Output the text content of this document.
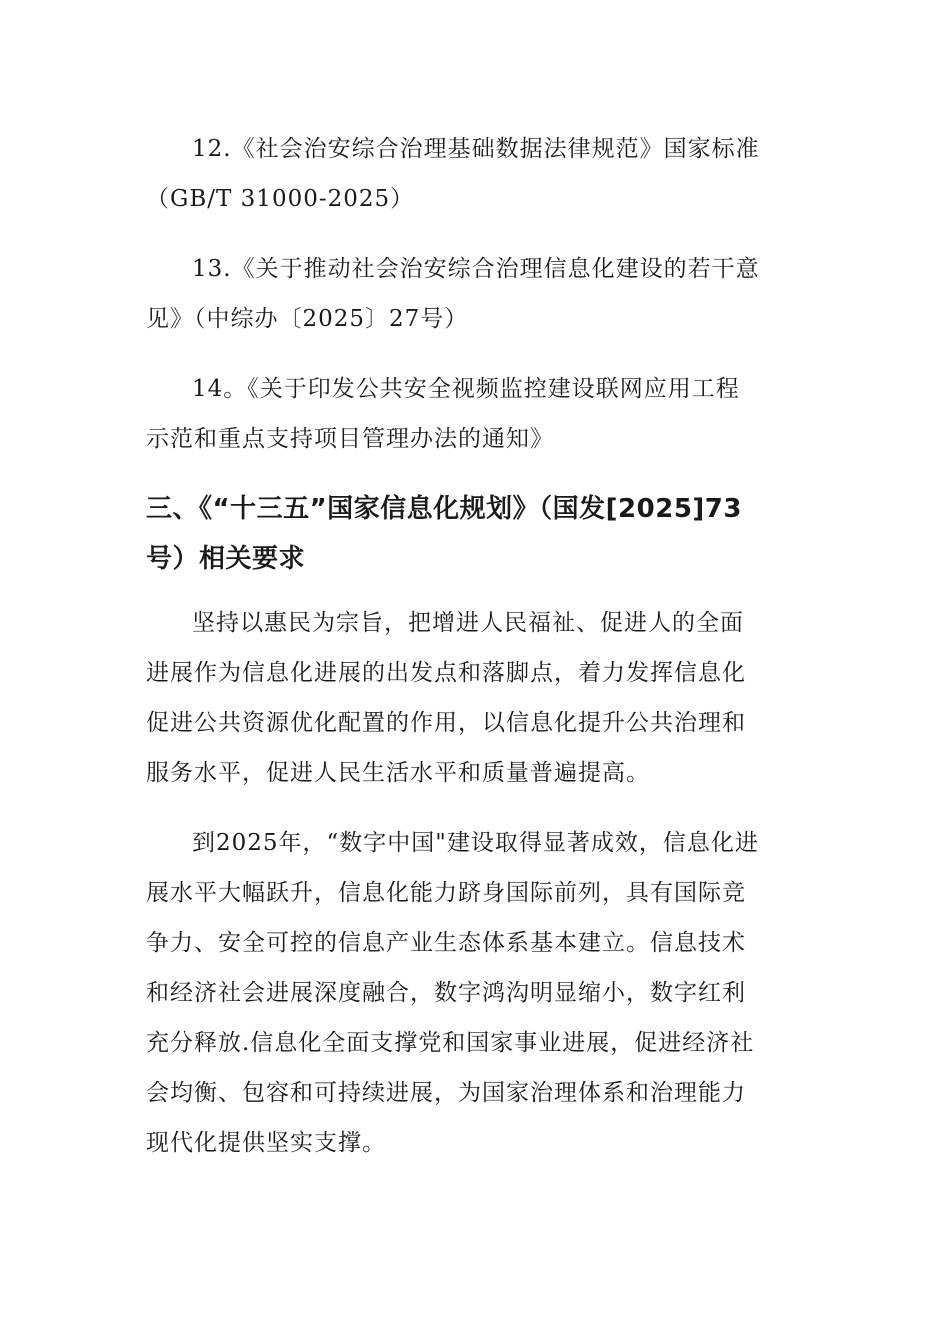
12.《社会治安综合治理基础数据法律规范》国家标准
（GB/T 31000-2025）
13.《关于推动社会治安综合治理信息化建设的若干意
见》（中综办〔2025〕27号）
14。《关于印发公共安全视频监控建设联网应用工程
示范和重点支持项目管理办法的通知》
三、《“十三五”国家信息化规划》（国发[2025]73
号）相关要求
坚持以惠民为宗旨，把增进人民福祉、促进人的全面
进展作为信息化进展的出发点和落脚点，着力发挥信息化
促进公共资源优化配置的作用，以信息化提升公共治理和
服务水平，促进人民生活水平和质量普遍提高。
到2025年，“数字中国"建设取得显著成效，信息化进
展水平大幅跃升，信息化能力跻身国际前列，具有国际竞
争力、安全可控的信息产业生态体系基本建立。信息技术
和经济社会进展深度融合，数字鸿沟明显缩小，数字红利
充分释放.信息化全面支撑党和国家事业进展，促进经济社
会均衡、包容和可持续进展，为国家治理体系和治理能力
现代化提供坚实支撑。
